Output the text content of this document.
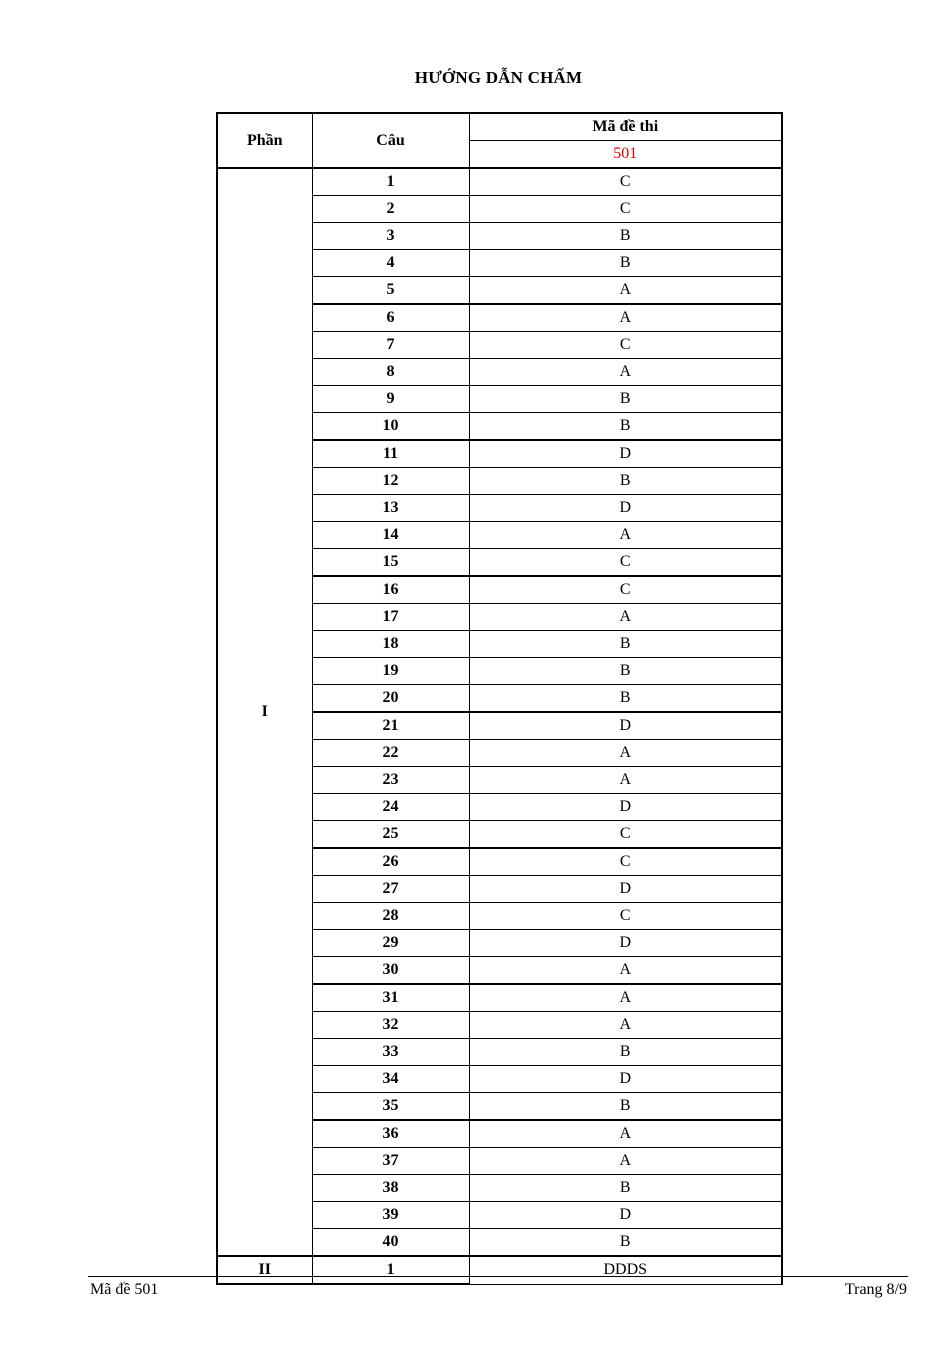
HƯỚNG DẪN CHẤM
Phần	Câu	Mã đề thi
		501
I	1	C
	2	C
	3	B
	4	B
	5	A
	6	A
	7	C
	8	A
	9	B
	10	B
	11	D
	12	B
	13	D
	14	A
	15	C
	16	C
	17	A
	18	B
	19	B
	20	B
	21	D
	22	A
	23	A
	24	D
	25	C
	26	C
	27	D
	28	C
	29	D
	30	A
	31	A
	32	A
	33	B
	34	D
	35	B
	36	A
	37	A
	38	B
	39	D
	40	B
II	1	DDDS
Mã đề 501	Trang 8/9
